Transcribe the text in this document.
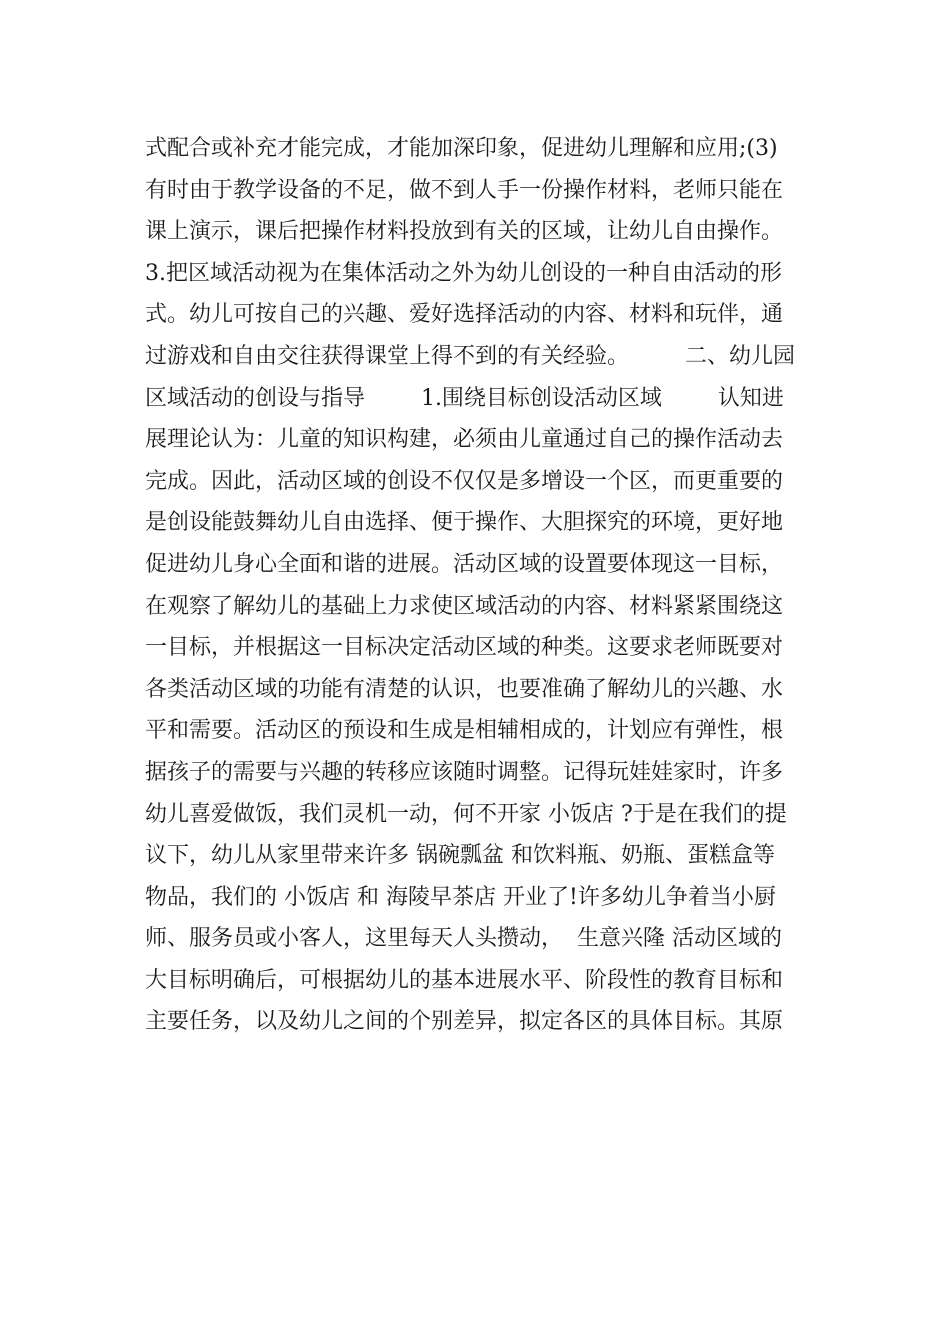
式配合或补充才能完成，才能加深印象，促进幼儿理解和应用;(3)
有时由于教学设备的不足，做不到人手一份操作材料，老师只能在
课上演示，课后把操作材料投放到有关的区域，让幼儿自由操作。
3.把区域活动视为在集体活动之外为幼儿创设的一种自由活动的形
式。幼儿可按自己的兴趣、爱好选择活动的内容、材料和玩伴，通
过游戏和自由交往获得课堂上得不到的有关经验。        二、幼儿园
区域活动的创设与指导        1.围绕目标创设活动区域        认知进
展理论认为：儿童的知识构建，必须由儿童通过自己的操作活动去
完成。因此，活动区域的创设不仅仅是多增设一个区，而更重要的
是创设能鼓舞幼儿自由选择、便于操作、大胆探究的环境，更好地
促进幼儿身心全面和谐的进展。活动区域的设置要体现这一目标，
在观察了解幼儿的基础上力求使区域活动的内容、材料紧紧围绕这
一目标，并根据这一目标决定活动区域的种类。这要求老师既要对
各类活动区域的功能有清楚的认识，也要准确了解幼儿的兴趣、水
平和需要。活动区的预设和生成是相辅相成的，计划应有弹性，根
据孩子的需要与兴趣的转移应该随时调整。记得玩娃娃家时，许多
幼儿喜爱做饭，我们灵机一动，何不开家 小饭店 ?于是在我们的提
议下，幼儿从家里带来许多 锅碗瓢盆 和饮料瓶、奶瓶、蛋糕盒等
物品，我们的 小饭店 和 海陵早茶店 开业了!许多幼儿争着当小厨
师、服务员或小客人，这里每天人头攒动，  生意兴隆 活动区域的
大目标明确后，可根据幼儿的基本进展水平、阶段性的教育目标和
主要任务，以及幼儿之间的个别差异，拟定各区的具体目标。其原
